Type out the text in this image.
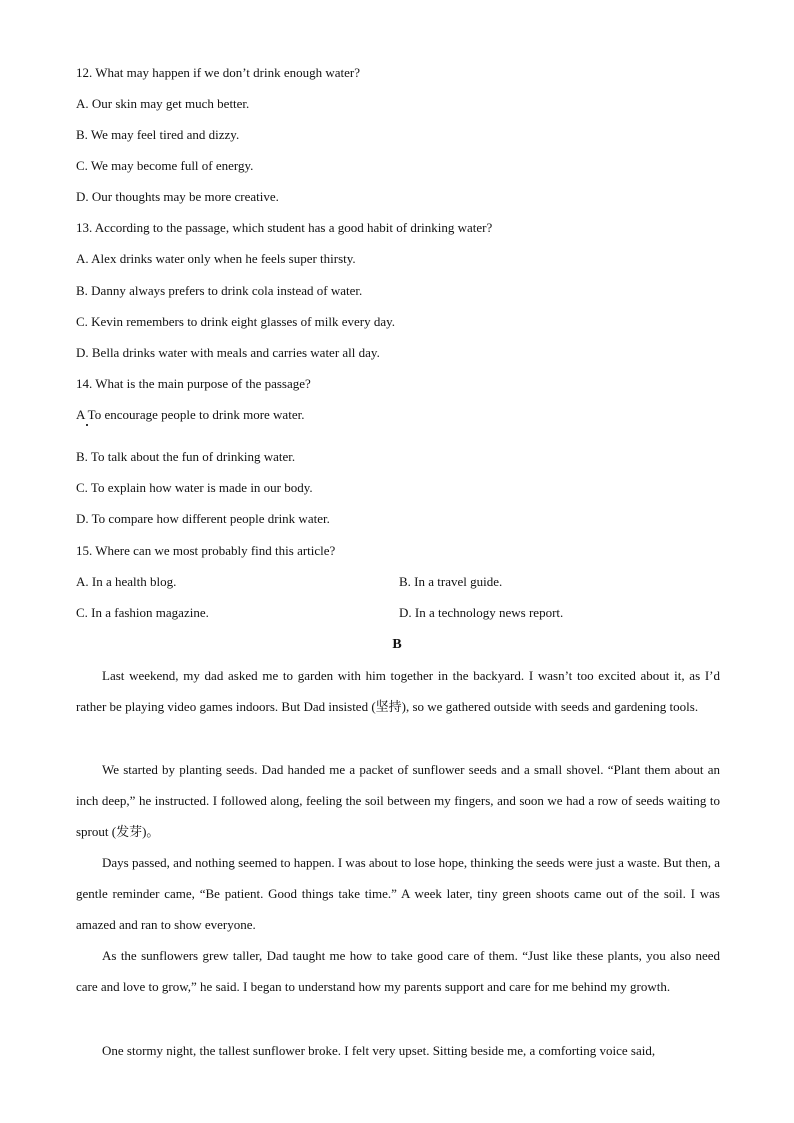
12. What may happen if we don’t drink enough water?
A. Our skin may get much better.
B. We may feel tired and dizzy.
C. We may become full of energy.
D. Our thoughts may be more creative.
13. According to the passage, which student has a good habit of drinking water?
A. Alex drinks water only when he feels super thirsty.
B. Danny always prefers to drink cola instead of water.
C. Kevin remembers to drink eight glasses of milk every day.
D. Bella drinks water with meals and carries water all day.
14. What is the main purpose of the passage?
A To encourage people to drink more water.
B. To talk about the fun of drinking water.
C. To explain how water is made in our body.
D. To compare how different people drink water.
15. Where can we most probably find this article?
A. In a health blog.	B. In a travel guide.
C. In a fashion magazine.	D. In a technology news report.
B
Last weekend, my dad asked me to garden with him together in the backyard. I wasn’t too excited about it, as I’d rather be playing video games indoors. But Dad insisted (坚持), so we gathered outside with seeds and gardening tools.
We started by planting seeds. Dad handed me a packet of sunflower seeds and a small shovel. “Plant them about an inch deep,” he instructed. I followed along, feeling the soil between my fingers, and soon we had a row of seeds waiting to sprout (发芽)。
Days passed, and nothing seemed to happen. I was about to lose hope, thinking the seeds were just a waste. But then, a gentle reminder came, “Be patient. Good things take time.” A week later, tiny green shoots came out of the soil. I was amazed and ran to show everyone.
As the sunflowers grew taller, Dad taught me how to take good care of them. “Just like these plants, you also need care and love to grow,” he said. I began to understand how my parents support and care for me behind my growth.
One stormy night, the tallest sunflower broke. I felt very upset. Sitting beside me, a comforting voice said,
